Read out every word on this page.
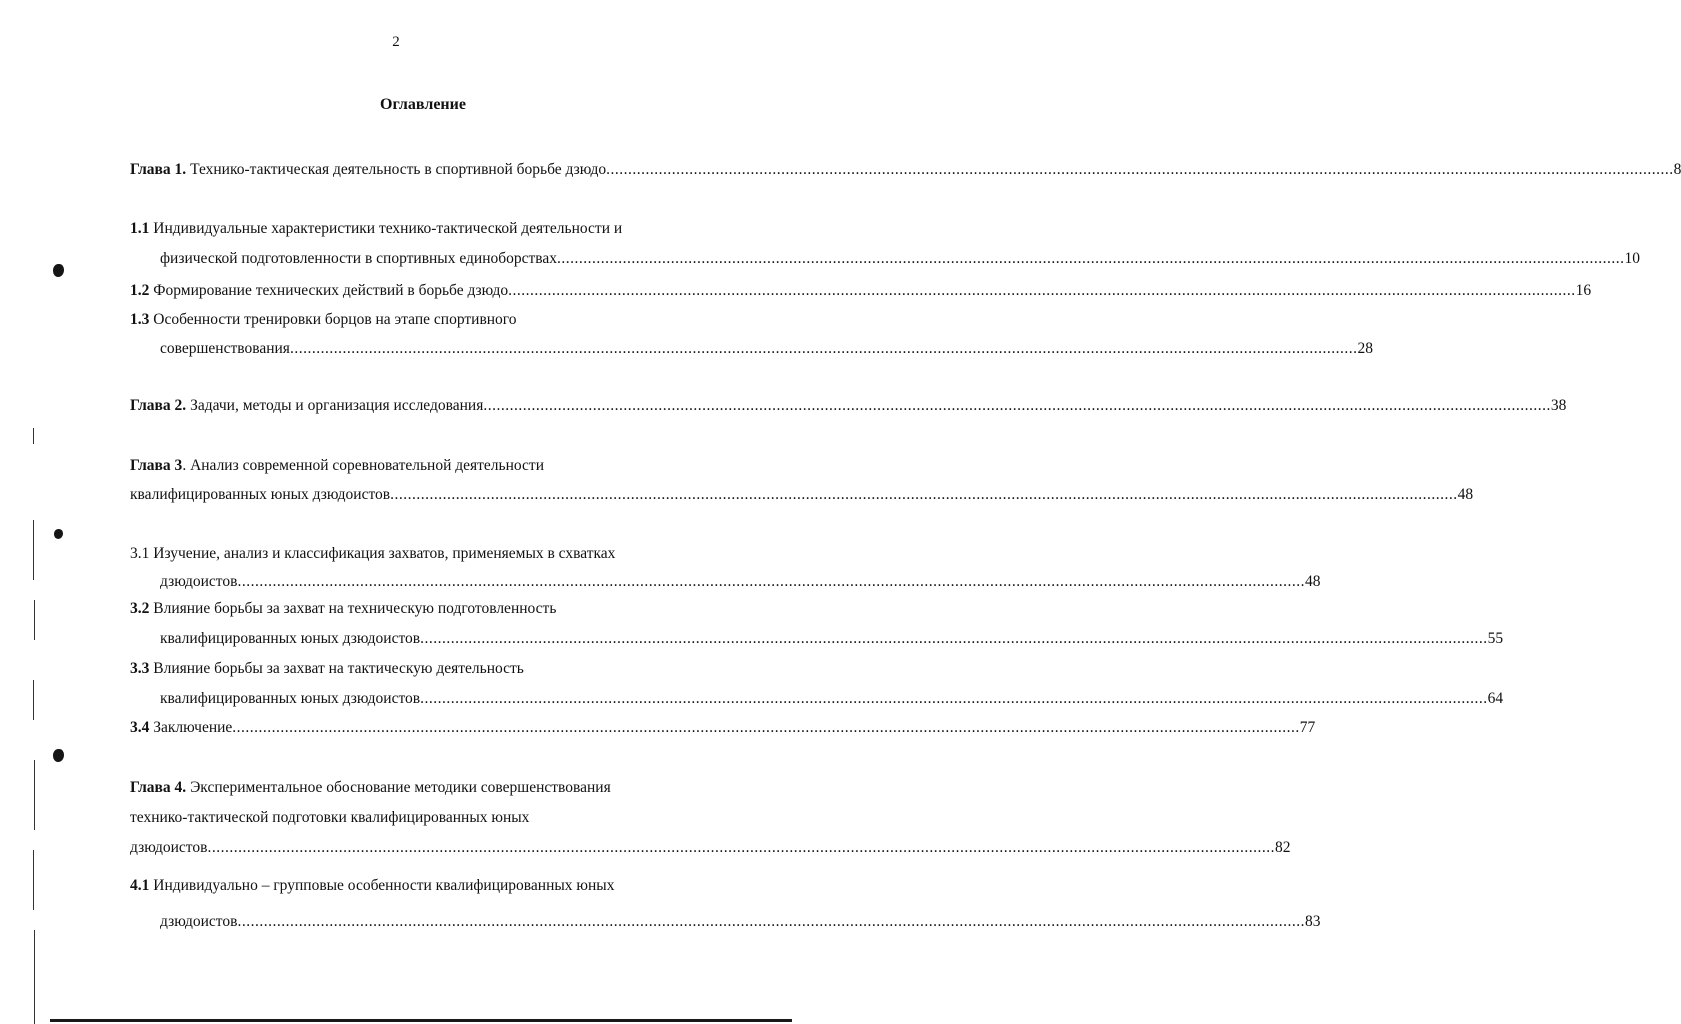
2
Оглавление
Глава 1. Технико-тактическая деятельность в спортивной борьбе дзюдо .................................................................................................................................................................................................................................................... 8
1.1 Индивидуальные характеристики технико-тактической деятельности и
физической подготовленности в спортивных единоборствах .................................................................................................................................................................................................................................................... 10
1.2 Формирование технических действий в борьбе дзюдо .................................................................................................................................................................................................................................................... 16
1.3 Особенности тренировки борцов на этапе спортивного
совершенствования .................................................................................................................................................................................................................................................... 28
Глава 2. Задачи, методы и организация исследования .................................................................................................................................................................................................................................................... 38
Глава 3. Анализ современной соревновательной деятельности
квалифицированных юных дзюдоистов .................................................................................................................................................................................................................................................... 48
3.1 Изучение, анализ и классификация захватов, применяемых в схватках
дзюдоистов .................................................................................................................................................................................................................................................... 48
3.2 Влияние борьбы за захват на техническую подготовленность
квалифицированных юных дзюдоистов .................................................................................................................................................................................................................................................... 55
3.3 Влияние борьбы за захват на тактическую деятельность
квалифицированных юных дзюдоистов .................................................................................................................................................................................................................................................... 64
3.4 Заключение .................................................................................................................................................................................................................................................... 77
Глава 4. Экспериментальное обоснование методики совершенствования
технико-тактической подготовки квалифицированных юных
дзюдоистов .................................................................................................................................................................................................................................................... 82
4.1 Индивидуально – групповые особенности квалифицированных юных
дзюдоистов .................................................................................................................................................................................................................................................... 83
